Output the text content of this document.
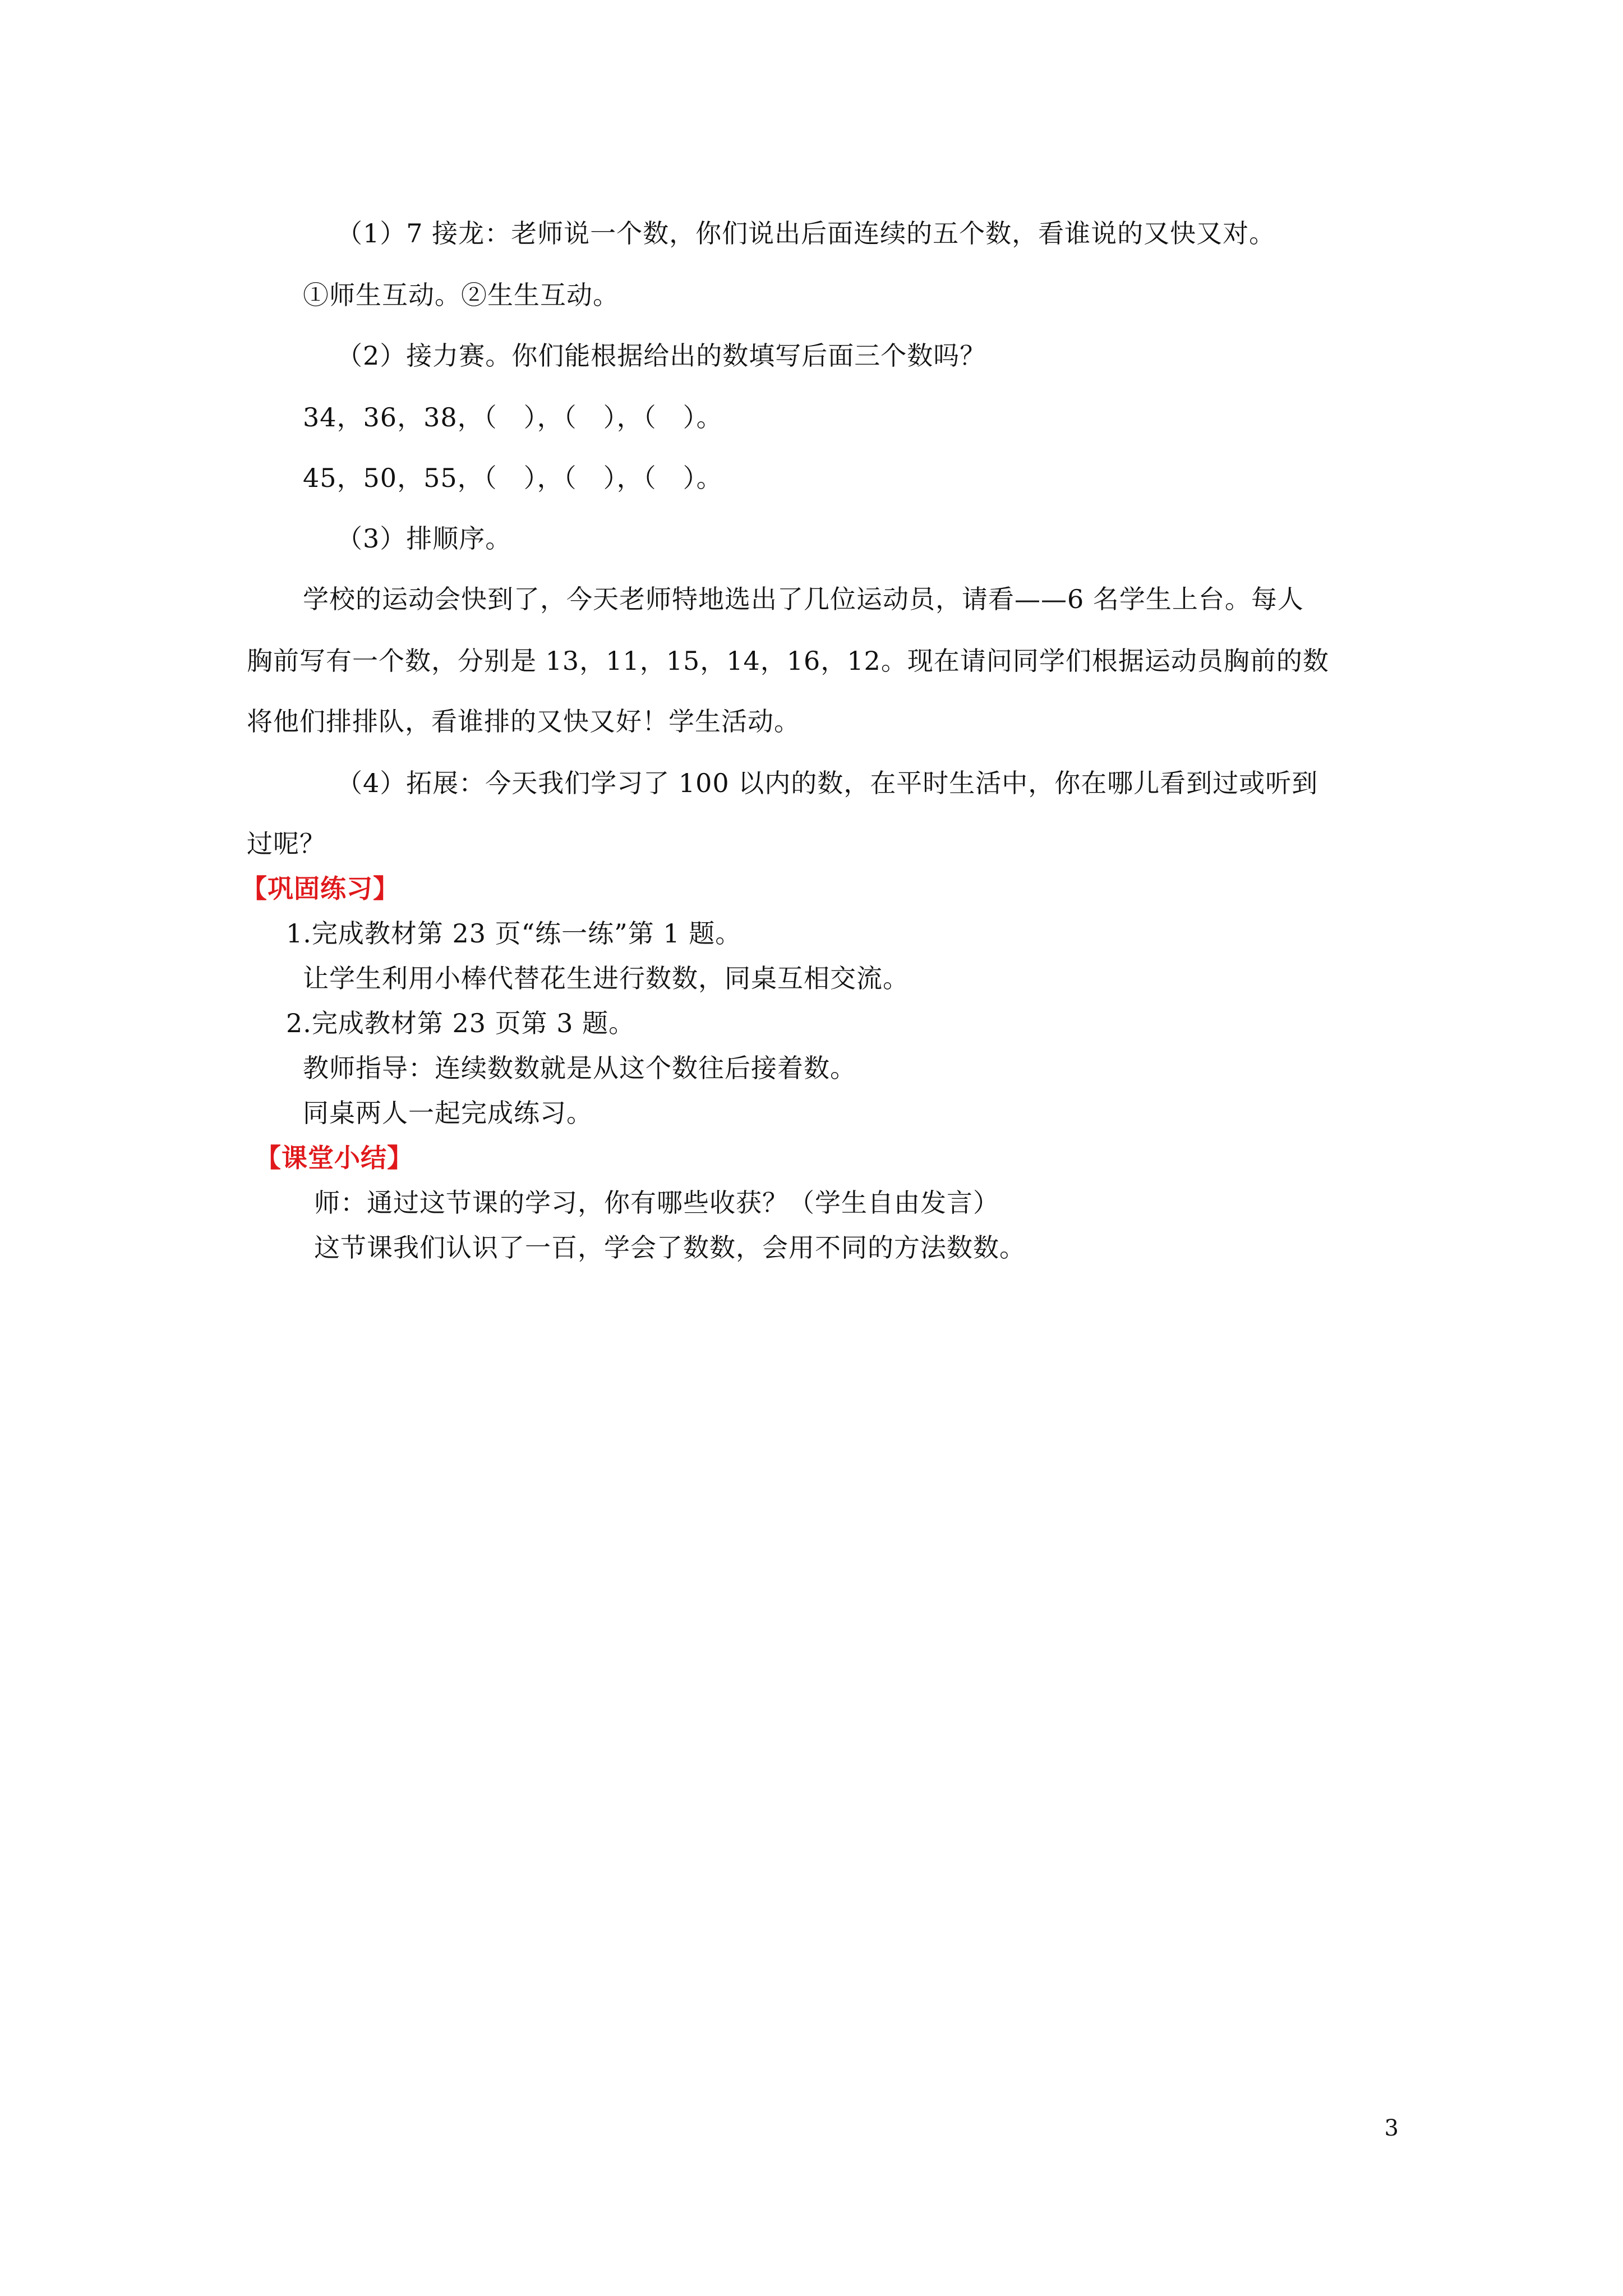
（1）7 接龙：老师说一个数，你们说出后面连续的五个数，看谁说的又快又对。
①师生互动。②生生互动。
（2）接力赛。你们能根据给出的数填写后面三个数吗？
34，36，38，（　），（　），（　）。
45，50，55，（　），（　），（　）。
（3）排顺序。
学校的运动会快到了，今天老师特地选出了几位运动员，请看——6 名学生上台。每人
胸前写有一个数，分别是 13，11，15，14，16，12。现在请问同学们根据运动员胸前的数
将他们排排队，看谁排的又快又好！学生活动。
（4）拓展：今天我们学习了 100 以内的数，在平时生活中，你在哪儿看到过或听到
过呢？
【巩固练习】
1.完成教材第 23 页“练一练”第 1 题。
让学生利用小棒代替花生进行数数，同桌互相交流。
2.完成教材第 23 页第 3 题。
教师指导：连续数数就是从这个数往后接着数。
同桌两人一起完成练习。
【课堂小结】
师：通过这节课的学习，你有哪些收获？（学生自由发言）
这节课我们认识了一百，学会了数数，会用不同的方法数数。
3
